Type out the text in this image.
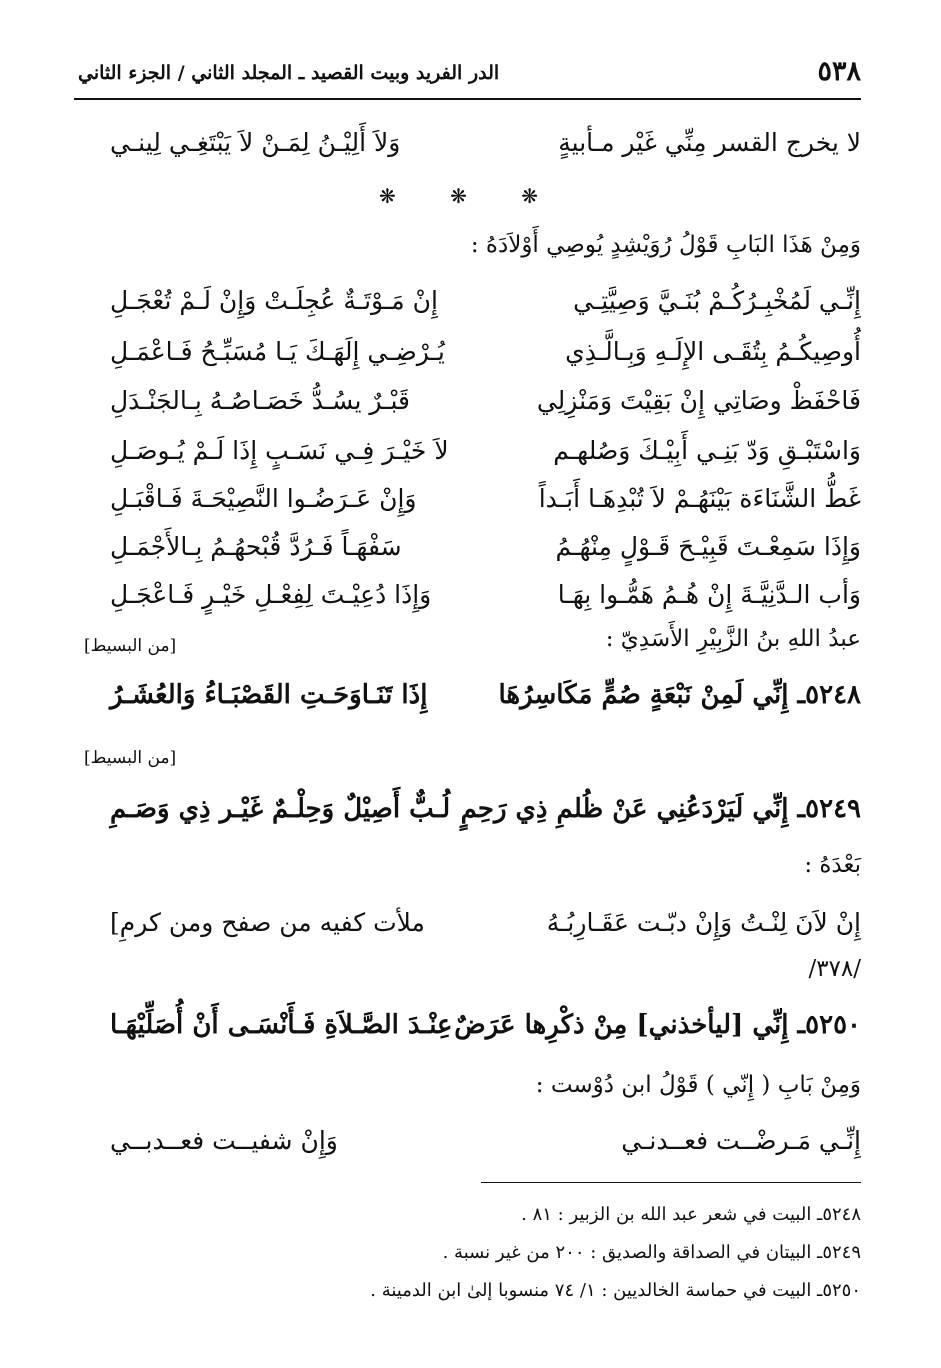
٥٣٨
الدر الفريد وبيت القصيد ـ المجلد الثاني / الجزء الثاني
لا يخرج القسر مِنِّي غَيْر مـأبيةٍ
وَلاَ أَلِيْـنُ لِمَـنْ لاَ يَبْتَغِـي لِينـي
❋ ❋ ❋
وَمِنْ هَذَا البَابِ قَوْلُ رُوَيْشِدٍ يُوصِي أَوْلاَدَهُ :
إِنِّـي لَمُخْبِـرُكُـمْ بُنَـيَّ وَصِيَّتِـي
إِنْ مَـوْتَـةٌ عُجِلَـتْ وَإِنْ لَـمْ تُعْجَـلِ
أُوصِيكُـمُ بِتُقَـى الإِلَـهِ وَبِـالَّـذِي
يُـرْضِـي إِلَهَـكَ يَـا مُسَبِّـحُ فَـاعْمَـلِ
فَاحْفَظْ وصَاتِي إِنْ بَقِيْتَ وَمَنْزِلِي
قَبْـرٌ يسُـدُّ خَصَـاصُـهُ بِـالجَنْـدَلِ
وَاسْتَبْـقِ وَدّ بَنِـي أَبِيْـكَ وَصُلهـم
لاَ خَيْـرَ فِـي نَسَـبٍ إِذَا لَـمْ يُـوصَـلِ
غَطُّ الشَّنَاءَة بَيْنَهُـمْ لاَ تُبْدِهَـا أَبَـداً
وَإِنْ عَـرَضُـوا النَّصِيْحَـةَ فَـاقْبَـلِ
وَإِذَا سَمِعْـتَ قَبِيْـحَ قَـوْلٍ مِنْهُـمُ
سَفْهَـاً فَـرُدَّ قُبْحهُـمُ بِـالأَجْمَـلِ
وَأب الـدَّنِيَّـةَ إِنْ هُـمُ هَمُّـوا بِهَـا
وَإِذَا دُعِيْـتَ لِفِعْـلِ خَيْـرٍ فَـاعْجَـلِ
عبدُ اللهِ بنُ الزَّبِيْرِ الأَسَدِيّ :
[من البسيط]
٥٢٤٨ـ إِنِّي لَمِنْ نَبْعَةٍ صُمٍّ مَكَاسِرُهَا
إِذَا تَنَـاوَحَـتِ القَصْبَـاءُ وَالعُشَـرُ
[من البسيط]
٥٢٤٩ـ إِنِّي لَيَرْدَعُنِي عَنْ ظُلمِ ذِي رَحِمٍ
لُـبٌّ أَصِيْلٌ وَحِلْـمٌ غَيْـر ذِي وَصَـمِ
بَعْدَهُ :
إِنْ لاَنَ لِنْـتُ وَإِنْ دبّـت عَقَـارِبُـهُ
ملأت كفيه من صفح ومن كرمِ]
/٣٧٨/
٥٢٥٠ـ إِنِّي [ليأخذني] مِنْ ذكْرِها عَرَضٌ
عِنْـدَ الصَّـلاَةِ فَـأَنْسَـى أَنْ أُصَلِّيْهَـا
وَمِنْ بَابِ ( إِنّي ) قَوْلُ ابن دُوْست :
إِنِّـي مَـرضْــت فعــدنـي
وَإِنْ شفيــت فعــدبــي
٥٢٤٨ـ البيت في شعر عبد الله بن الزبير : ٨١ .
٥٢٤٩ـ البيتان في الصداقة والصديق : ٢٠٠ من غير نسبة .
٥٢٥٠ـ البيت في حماسة الخالديين : ١/ ٧٤ منسوبا إلىٰ ابن الدمينة .
